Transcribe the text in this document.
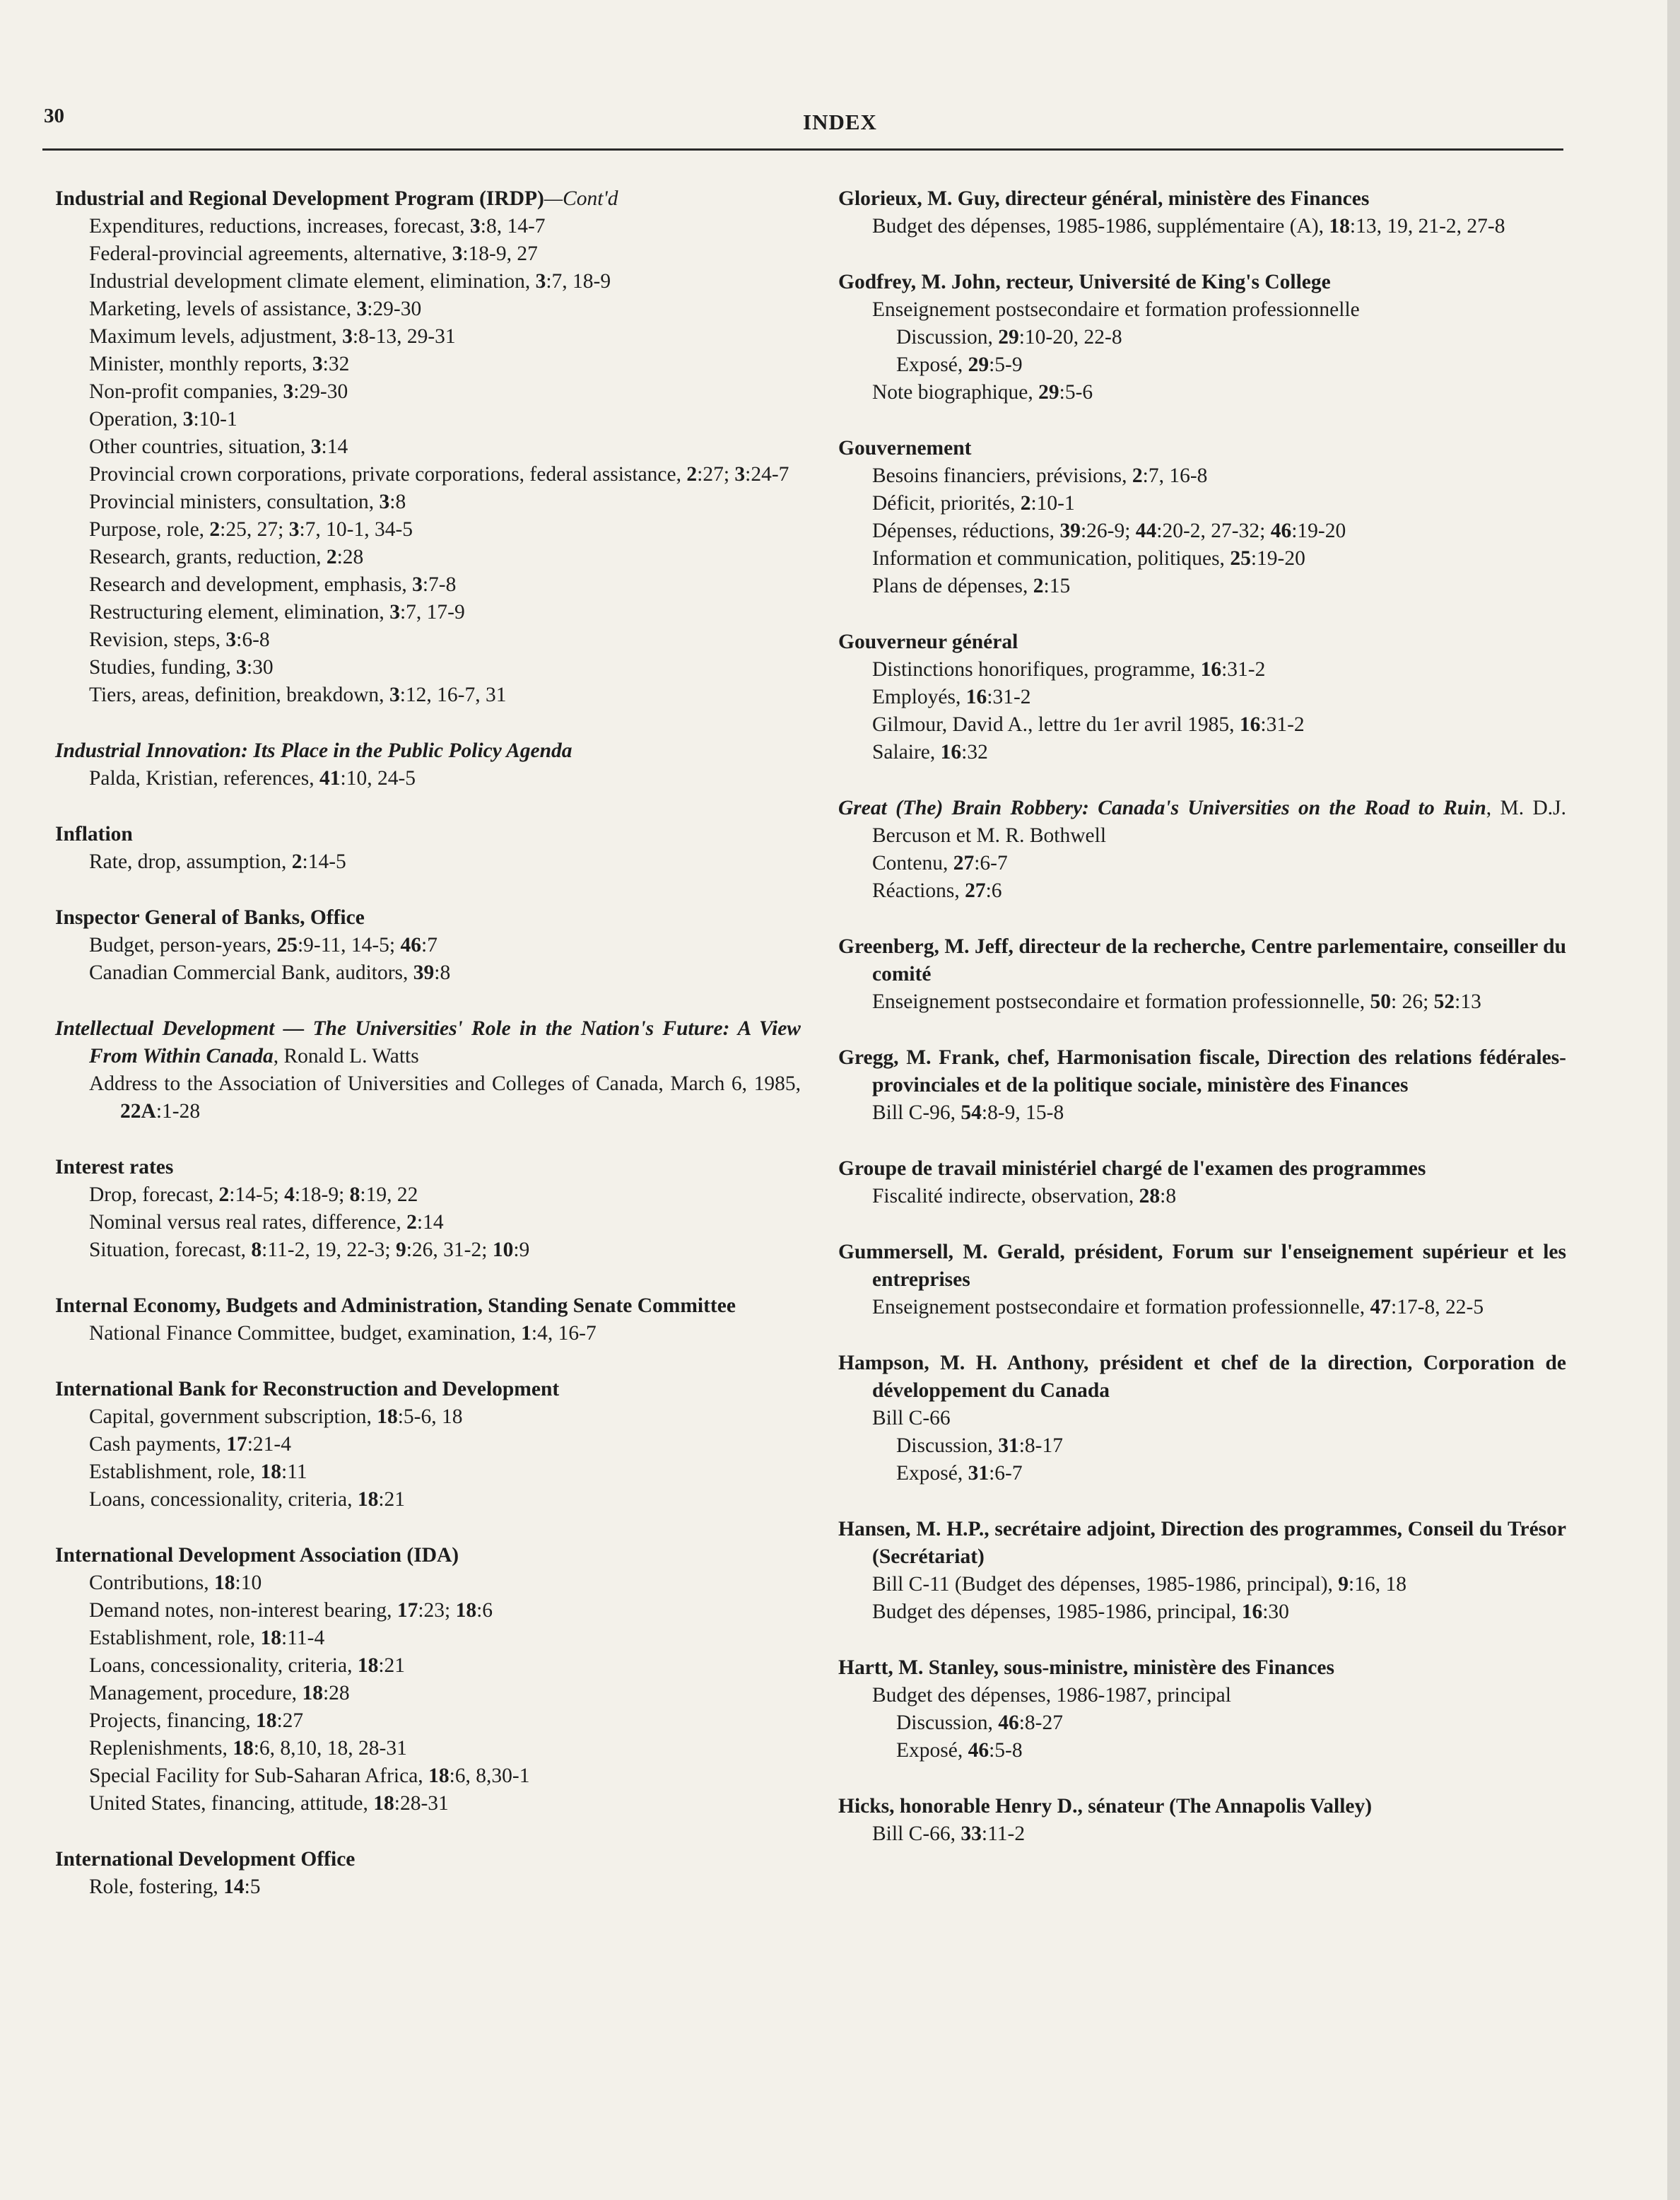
30	INDEX
Industrial and Regional Development Program (IRDP)—Cont'd
Expenditures, reductions, increases, forecast, 3:8, 14-7
Federal-provincial agreements, alternative, 3:18-9, 27
Industrial development climate element, elimination, 3:7, 18-9
Marketing, levels of assistance, 3:29-30
Maximum levels, adjustment, 3:8-13, 29-31
Minister, monthly reports, 3:32
Non-profit companies, 3:29-30
Operation, 3:10-1
Other countries, situation, 3:14
Provincial crown corporations, private corporations, federal assistance, 2:27; 3:24-7
Provincial ministers, consultation, 3:8
Purpose, role, 2:25, 27; 3:7, 10-1, 34-5
Research, grants, reduction, 2:28
Research and development, emphasis, 3:7-8
Restructuring element, elimination, 3:7, 17-9
Revision, steps, 3:6-8
Studies, funding, 3:30
Tiers, areas, definition, breakdown, 3:12, 16-7, 31
Industrial Innovation: Its Place in the Public Policy Agenda
Palda, Kristian, references, 41:10, 24-5
Inflation
Rate, drop, assumption, 2:14-5
Inspector General of Banks, Office
Budget, person-years, 25:9-11, 14-5; 46:7
Canadian Commercial Bank, auditors, 39:8
Intellectual Development — The Universities' Role in the Nation's Future: A View From Within Canada, Ronald L. Watts
Address to the Association of Universities and Colleges of Canada, March 6, 1985, 22A:1-28
Interest rates
Drop, forecast, 2:14-5; 4:18-9; 8:19, 22
Nominal versus real rates, difference, 2:14
Situation, forecast, 8:11-2, 19, 22-3; 9:26, 31-2; 10:9
Internal Economy, Budgets and Administration, Standing Senate Committee
National Finance Committee, budget, examination, 1:4, 16-7
International Bank for Reconstruction and Development
Capital, government subscription, 18:5-6, 18
Cash payments, 17:21-4
Establishment, role, 18:11
Loans, concessionality, criteria, 18:21
International Development Association (IDA)
Contributions, 18:10
Demand notes, non-interest bearing, 17:23; 18:6
Establishment, role, 18:11-4
Loans, concessionality, criteria, 18:21
Management, procedure, 18:28
Projects, financing, 18:27
Replenishments, 18:6, 8,10, 18, 28-31
Special Facility for Sub-Saharan Africa, 18:6, 8,30-1
United States, financing, attitude, 18:28-31
International Development Office
Role, fostering, 14:5
Glorieux, M. Guy, directeur général, ministère des Finances
Budget des dépenses, 1985-1986, supplémentaire (A), 18:13, 19, 21-2, 27-8
Godfrey, M. John, recteur, Université de King's College
Enseignement postsecondaire et formation professionnelle
Discussion, 29:10-20, 22-8
Exposé, 29:5-9
Note biographique, 29:5-6
Gouvernement
Besoins financiers, prévisions, 2:7, 16-8
Déficit, priorités, 2:10-1
Dépenses, réductions, 39:26-9; 44:20-2, 27-32; 46:19-20
Information et communication, politiques, 25:19-20
Plans de dépenses, 2:15
Gouverneur général
Distinctions honorifiques, programme, 16:31-2
Employés, 16:31-2
Gilmour, David A., lettre du 1er avril 1985, 16:31-2
Salaire, 16:32
Great (The) Brain Robbery: Canada's Universities on the Road to Ruin, M. D.J. Bercuson et M. R. Bothwell
Contenu, 27:6-7
Réactions, 27:6
Greenberg, M. Jeff, directeur de la recherche, Centre parlementaire, conseiller du comité
Enseignement postsecondaire et formation professionnelle, 50: 26; 52:13
Gregg, M. Frank, chef, Harmonisation fiscale, Direction des relations fédérales-provinciales et de la politique sociale, ministère des Finances
Bill C-96, 54:8-9, 15-8
Groupe de travail ministériel chargé de l'examen des programmes
Fiscalité indirecte, observation, 28:8
Gummersell, M. Gerald, président, Forum sur l'enseignement supérieur et les entreprises
Enseignement postsecondaire et formation professionnelle, 47:17-8, 22-5
Hampson, M. H. Anthony, président et chef de la direction, Corporation de développement du Canada
Bill C-66
Discussion, 31:8-17
Exposé, 31:6-7
Hansen, M. H.P., secrétaire adjoint, Direction des programmes, Conseil du Trésor (Secrétariat)
Bill C-11 (Budget des dépenses, 1985-1986, principal), 9:16, 18
Budget des dépenses, 1985-1986, principal, 16:30
Hartt, M. Stanley, sous-ministre, ministère des Finances
Budget des dépenses, 1986-1987, principal
Discussion, 46:8-27
Exposé, 46:5-8
Hicks, honorable Henry D., sénateur (The Annapolis Valley)
Bill C-66, 33:11-2
